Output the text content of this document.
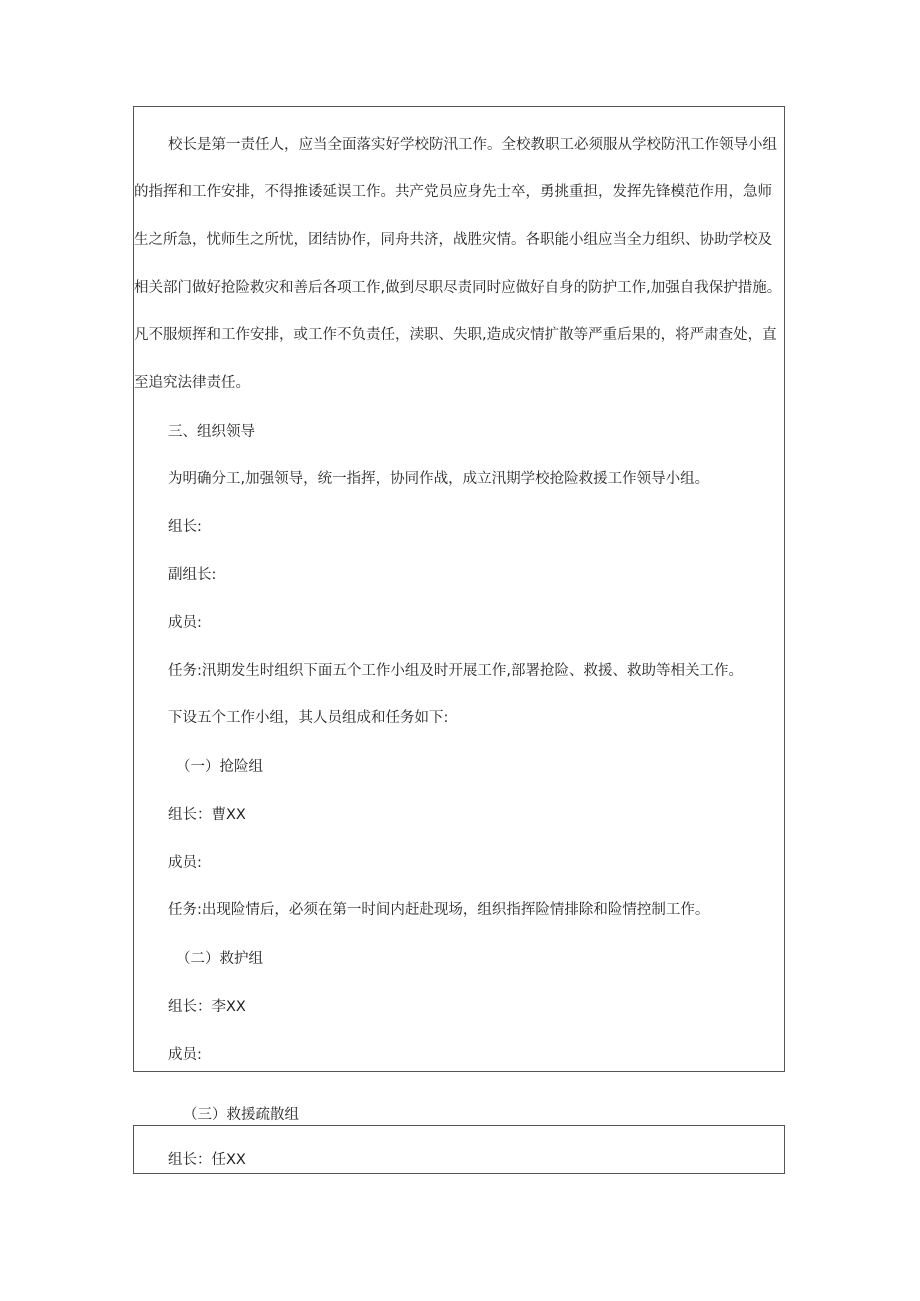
校长是第一责任人，应当全面落实好学校防汛工作。全校教职工必须服从学校防汛工作领导小组
的指挥和工作安排，不得推诿延误工作。共产党员应身先士卒，勇挑重担，发挥先锋模范作用，急师
生之所急，忧师生之所忧，团结协作，同舟共济，战胜灾情。各职能小组应当全力组织、协助学校及
相关部门做好抢险救灾和善后各项工作,做到尽职尽责同时应做好自身的防护工作,加强自我保护措施。
凡不服烦挥和工作安排，或工作不负责任，渎职、失职,造成灾情扩散等严重后果的，将严肃查处，直
至追究法律责任。
三、组织领导
为明确分工,加强领导，统一指挥，协同作战，成立汛期学校抢险救援工作领导小组。
组长:
副组长:
成员:
任务:汛期发生时组织下面五个工作小组及时开展工作,部署抢险、救援、救助等相关工作。
下设五个工作小组，其人员组成和任务如下:
（一）抢险组
组长：曹XX
成员:
任务:出现险情后，必须在第一时间内赶赴现场，组织指挥险情排除和险情控制工作。
（二）救护组
组长：李XX
成员:
（三）救援疏散组
组长：任XX
